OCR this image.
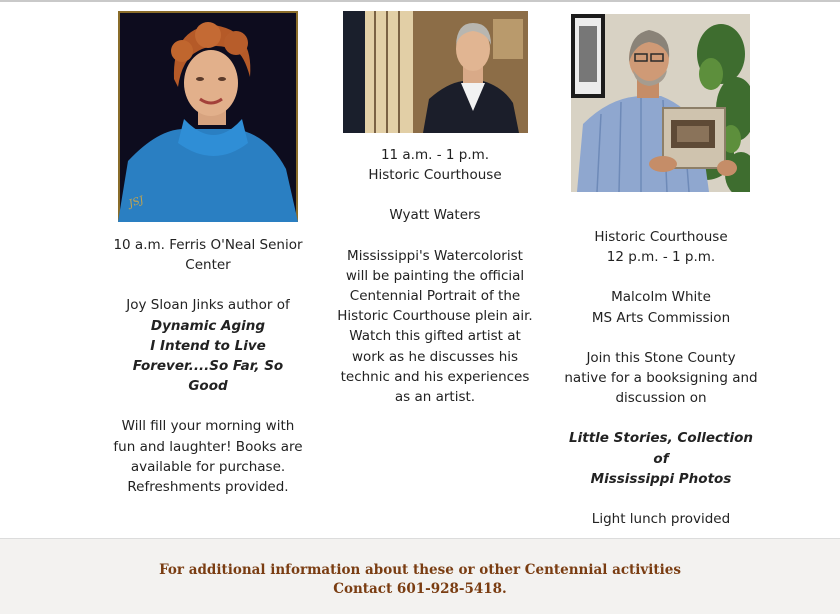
JSJ

10 a.m. Ferris O'Neal Senior

Center

Joy Sloan Jinks author of

Dynamic Aging

I Intend to Live

Forever....So Far, So

Good

Will fill your morning with

fun and laughter! Books are

available for purchase.

Refreshments provided.

11 a.m. - 1 p.m.

Historic Courthouse

Wyatt Waters

Mississippi's Watercolorist

will be painting the official

Centennial Portrait of the

Historic Courthouse plein air.

Watch this gifted artist at

work as he discusses his

technic and his experiences

as an artist.

Historic Courthouse

12 p.m. - 1 p.m.

Malcolm White

MS Arts Commission

Join this Stone County

native for a booksigning and

discussion on

Little Stories, Collection of

Mississippi Photos

Light lunch provided

For additional information about these or other Centennial activities

Contact 601-928-5418.
